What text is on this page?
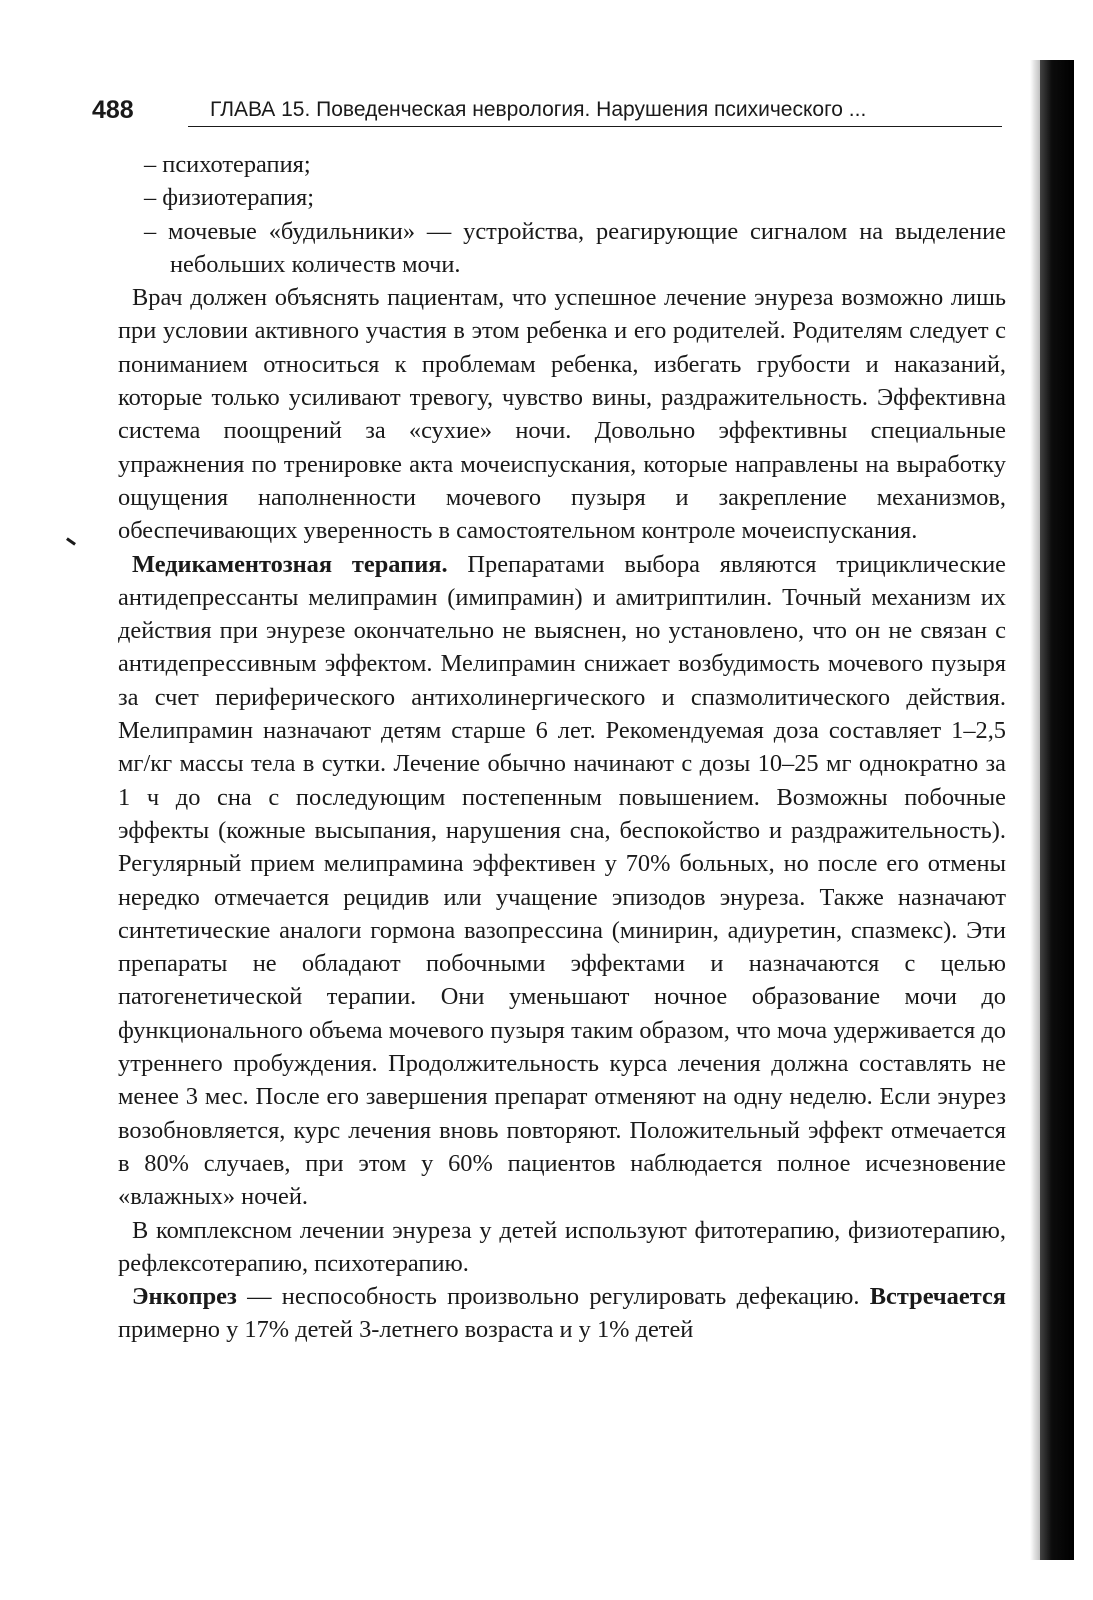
488	ГЛАВА 15. Поведенческая неврология. Нарушения психического ...
– психотерапия;
– физиотерапия;
– мочевые «будильники» — устройства, реагирующие сигналом на выделение небольших количеств мочи.

Врач должен объяснять пациентам, что успешное лечение энуреза возможно лишь при условии активного участия в этом ребенка и его родителей. Родителям следует с пониманием относиться к проблемам ребенка, избегать грубости и наказаний, которые только усиливают тревогу, чувство вины, раздражительность. Эффективна система поощрений за «сухие» ночи. Довольно эффективны специальные упражнения по тренировке акта мочеиспускания, которые направлены на выработку ощущения наполненности мочевого пузыря и закрепление механизмов, обеспечивающих уверенность в самостоятельном контроле мочеиспускания.

Медикаментозная терапия. Препаратами выбора являются трициклические антидепрессанты мелипрамин (имипрамин) и амитриптилин. Точный механизм их действия при энурезе окончательно не выяснен, но установлено, что он не связан с антидепрессивным эффектом. Мелипрамин снижает возбудимость мочевого пузыря за счет периферического антихолинергического и спазмолитического действия. Мелипрамин назначают детям старше 6 лет. Рекомендуемая доза составляет 1–2,5 мг/кг массы тела в сутки. Лечение обычно начинают с дозы 10–25 мг однократно за 1 ч до сна с последующим постепенным повышением. Возможны побочные эффекты (кожные высыпания, нарушения сна, беспокойство и раздражительность). Регулярный прием мелипрамина эффективен у 70% больных, но после его отмены нередко отмечается рецидив или учащение эпизодов энуреза. Также назначают синтетические аналоги гормона вазопрессина (минирин, адиуретин, спазмекс). Эти препараты не обладают побочными эффектами и назначаются с целью патогенетической терапии. Они уменьшают ночное образование мочи до функционального объема мочевого пузыря таким образом, что моча удерживается до утреннего пробуждения. Продолжительность курса лечения должна составлять не менее 3 мес. После его завершения препарат отменяют на одну неделю. Если энурез возобновляется, курс лечения вновь повторяют. Положительный эффект отмечается в 80% случаев, при этом у 60% пациентов наблюдается полное исчезновение «влажных» ночей.

В комплексном лечении энуреза у детей используют фитотерапию, физиотерапию, рефлексотерапию, психотерапию.

Энкопрез — неспособность произвольно регулировать дефекацию. Встречается примерно у 17% детей 3-летнего возраста и у 1% детей
